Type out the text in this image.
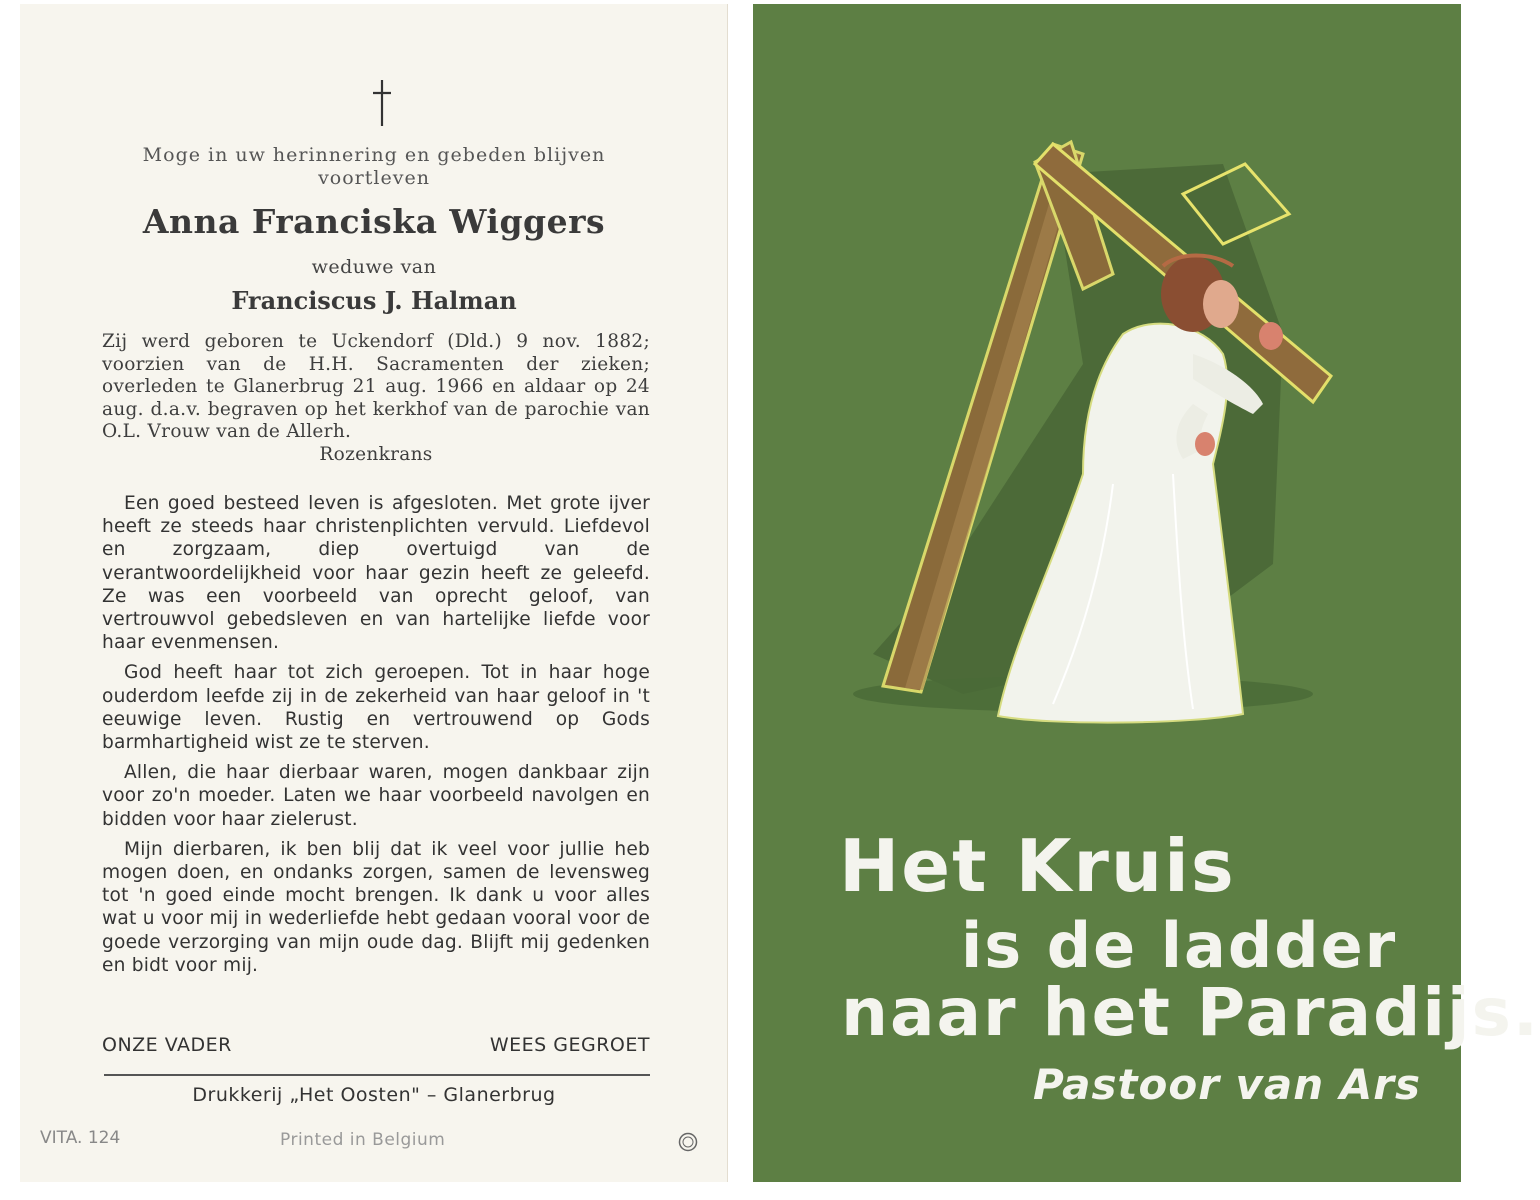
Moge in uw herinnering en gebeden blijven voortleven
Anna Franciska Wiggers
weduwe van
Franciscus J. Halman
Zij werd geboren te Uckendorf (Dld.) 9 nov. 1882; voorzien van de H.H. Sacramenten der zieken; overleden te Glanerbrug 21 aug. 1966 en aldaar op 24 aug. d.a.v. begraven op het kerkhof van de parochie van O.L. Vrouw van de Allerh.
Rozenkrans

Een goed besteed leven is afgesloten. Met grote ijver heeft ze steeds haar christenplichten vervuld. Liefdevol en zorgzaam, diep overtuigd van de verantwoordelijkheid voor haar gezin heeft ze geleefd. Ze was een voorbeeld van oprecht geloof, van vertrouwvol gebedsleven en van hartelijke liefde voor haar evenmensen.

God heeft haar tot zich geroepen. Tot in haar hoge ouderdom leefde zij in de zekerheid van haar geloof in 't eeuwige leven. Rustig en vertrouwend op Gods barmhartigheid wist ze te sterven.

Allen, die haar dierbaar waren, mogen dankbaar zijn voor zo'n moeder. Laten we haar voorbeeld navolgen en bidden voor haar zielerust.

Mijn dierbaren, ik ben blij dat ik veel voor jullie heb mogen doen, en ondanks zorgen, samen de levensweg tot 'n goed einde mocht brengen. Ik dank u voor alles wat u voor mij in wederliefde hebt gedaan vooral voor de goede verzorging van mijn oude dag. Blijft mij gedenken en bidt voor mij.

ONZE VADER	WEES GEGROET
Drukkerij „Het Oosten" – Glanerbrug
VITA. 124	Printed in Belgium
Het Kruis
is de ladder
naar het Paradijs.
Pastoor van Ars
